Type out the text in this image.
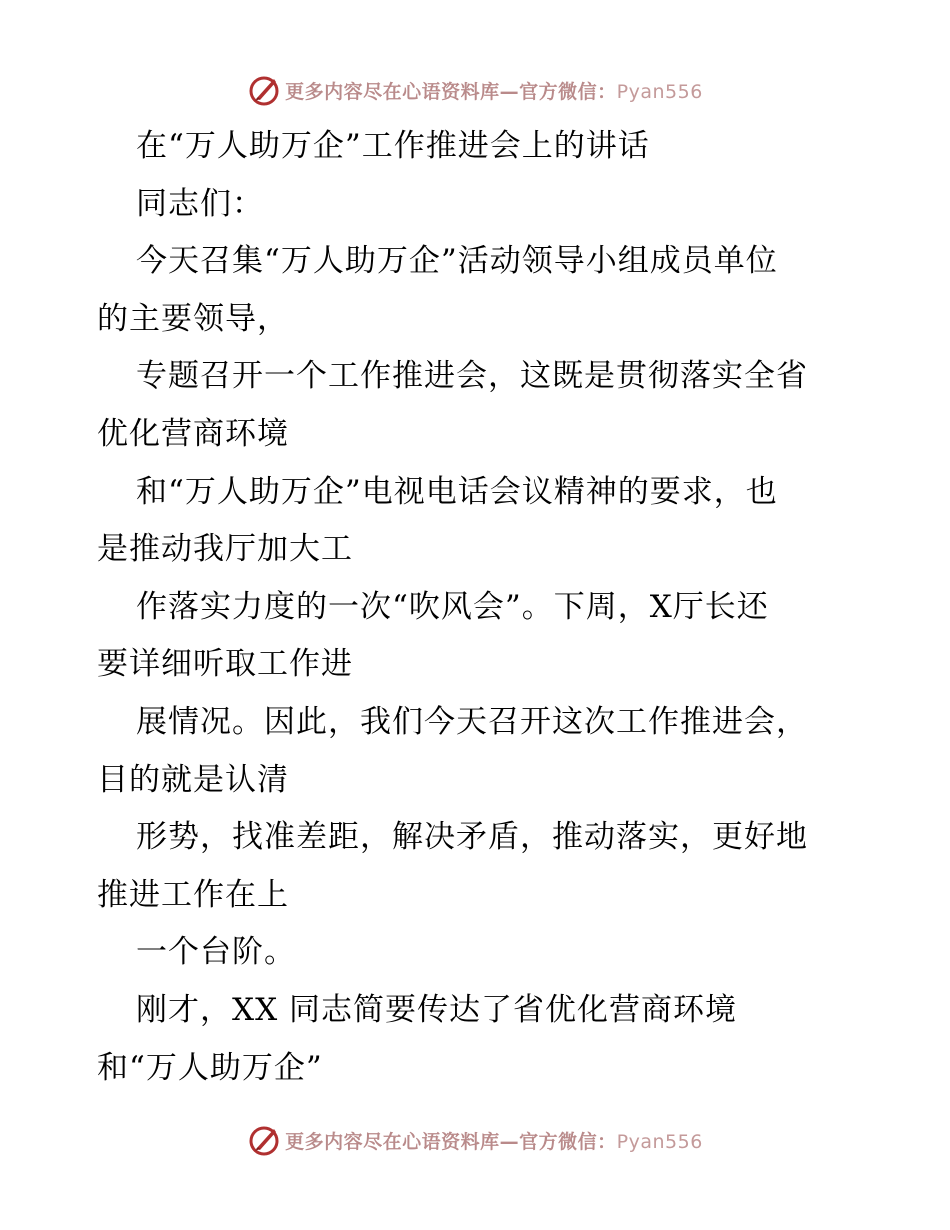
更多内容尽在心语资料库—官方微信：Pyan556
在“万人助万企”工作推进会上的讲话
同志们：
今天召集“万人助万企”活动领导小组成员单位
的主要领导，
专题召开一个工作推进会，这既是贯彻落实全省
优化营商环境
和“万人助万企”电视电话会议精神的要求，也
是推动我厅加大工
作落实力度的一次“吹风会”。下周，X厅长还
要详细听取工作进
展情况。因此，我们今天召开这次工作推进会，
目的就是认清
形势，找准差距，解决矛盾，推动落实，更好地
推进工作在上
一个台阶。
刚才，XX 同志简要传达了省优化营商环境
和“万人助万企”
更多内容尽在心语资料库—官方微信：Pyan556
